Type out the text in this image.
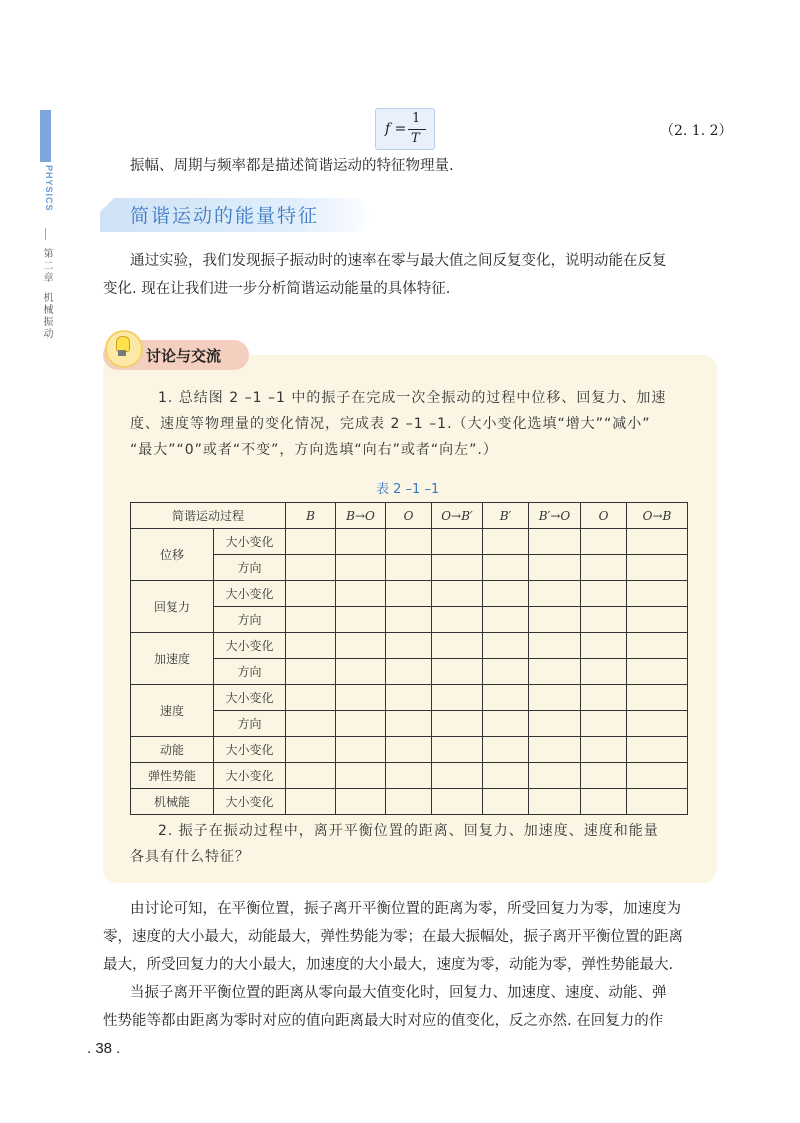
PHYSICS
第二章
机械振动
f =
1
T	（2. 1. 2）
振幅、周期与频率都是描述简谐运动的特征物理量.
简谐运动的能量特征
通过实验，我们发现振子振动时的速率在零与最大值之间反复变化，说明动能在反复
变化. 现在让我们进一步分析简谐运动能量的具体特征.
讨论与交流
1. 总结图 2 –1 –1 中的振子在完成一次全振动的过程中位移、回复力、加速
度、速度等物理量的变化情况，完成表 2 –1 –1.（大小变化选填“增大”“减小”
“最大”“0”或者“不变”，方向选填“向右”或者“向左”.）
表 2 –1 –1
简谐运动过程		B	B→O	O	O→B′	B′	B′→O	O	O→B
位移	大小变化								
	方向								
回复力	大小变化								
	方向								
加速度	大小变化								
	方向								
速度	大小变化								
	方向								
动能	大小变化								
弹性势能	大小变化								
机械能	大小变化								
2. 振子在振动过程中，离开平衡位置的距离、回复力、加速度、速度和能量
各具有什么特征？
由讨论可知，在平衡位置，振子离开平衡位置的距离为零，所受回复力为零，加速度为
零，速度的大小最大，动能最大，弹性势能为零；在最大振幅处，振子离开平衡位置的距离
最大，所受回复力的大小最大，加速度的大小最大，速度为零，动能为零，弹性势能最大.
当振子离开平衡位置的距离从零向最大值变化时，回复力、加速度、速度、动能、弹
性势能等都由距离为零时对应的值向距离最大时对应的值变化，反之亦然. 在回复力的作
. 38 .
